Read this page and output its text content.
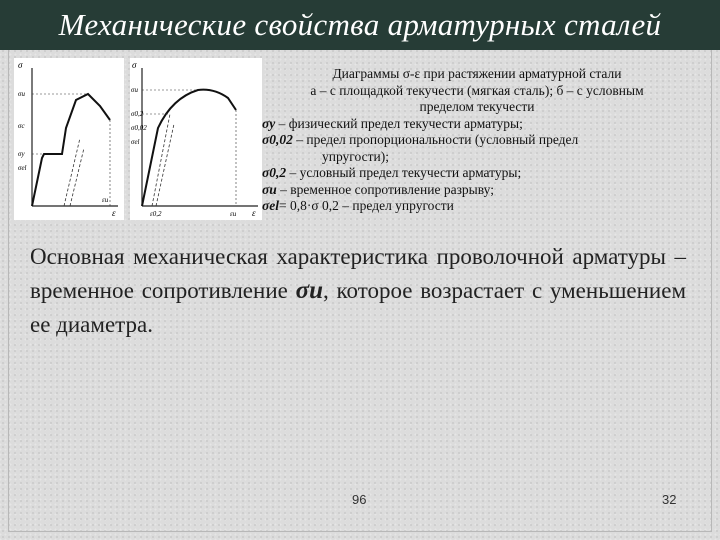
Механические свойства арматурных сталей
σ
ε
σu
σc
σy
σel
εu
σ
ε
σu
σ0,2
σ0,02
σel
ε0,2	εu
Диаграммы σ-ε при растяжении арматурной стали
а – с площадкой текучести (мягкая сталь); б – с условным
пределом текучести
σy – физический предел текучести арматуры;
σ0,02 – предел пропорциональности (условный предел
упругости);
σ0,2 – условный предел текучести арматуры;
σu – временное сопротивление разрыву;
σel= 0,8·σ 0,2 – предел упругости
Основная механическая характеристика проволочной арматуры – временное сопротивление σu, которое возрастает с уменьшением ее диаметра.
96	32
